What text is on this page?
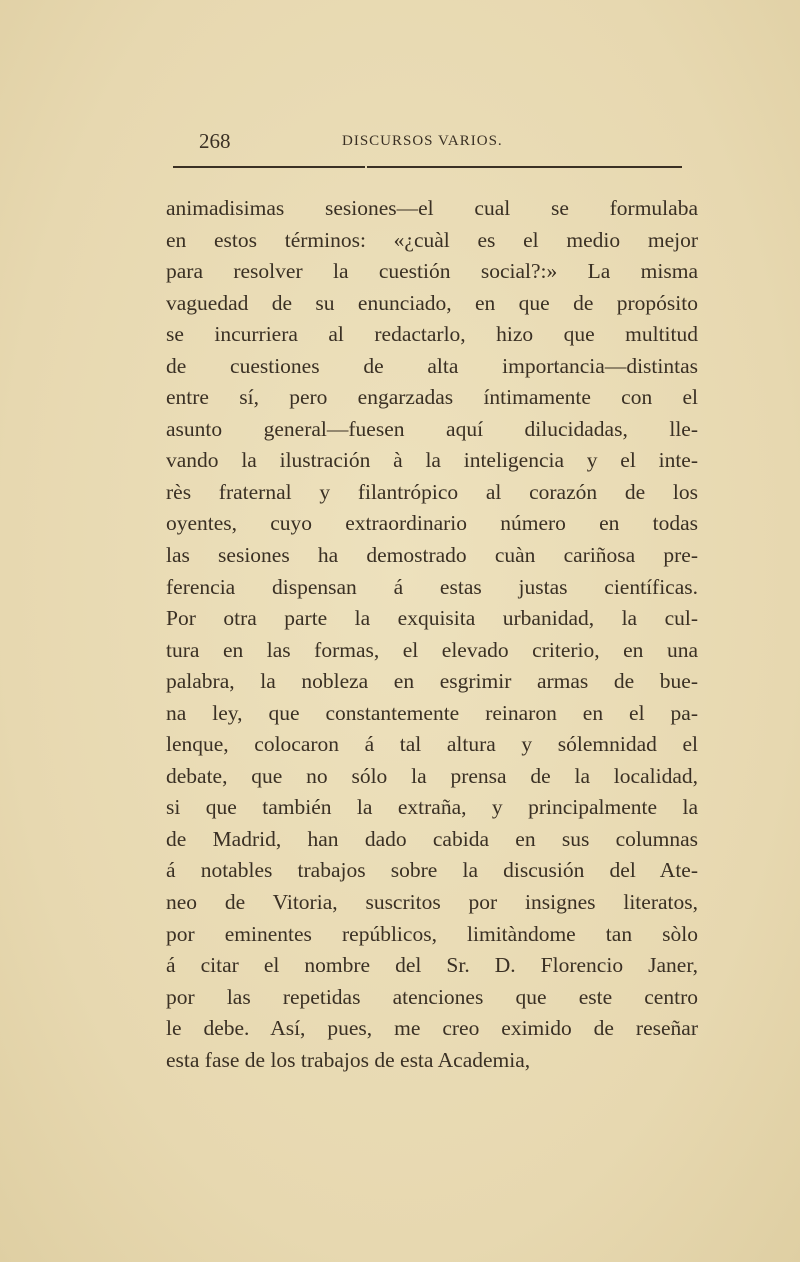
268	DISCURSOS VARIOS.
animadisimas sesiones—el cual se formulaba
en estos términos: «¿cuàl es el medio mejor
para resolver la cuestión social?:» La misma
vaguedad de su enunciado, en que de propósito
se incurriera al redactarlo, hizo que multitud
de cuestiones de alta importancia—distintas
entre sí, pero engarzadas íntimamente con el
asunto general—fuesen aquí dilucidadas, lle-
vando la ilustración à la inteligencia y el inte-
rès fraternal y filantrópico al corazón de los
oyentes, cuyo extraordinario número en todas
las sesiones ha demostrado cuàn cariñosa pre-
ferencia dispensan á estas justas científicas.
Por otra parte la exquisita urbanidad, la cul-
tura en las formas, el elevado criterio, en una
palabra, la nobleza en esgrimir armas de bue-
na ley, que constantemente reinaron en el pa-
lenque, colocaron á tal altura y sólemnidad el
debate, que no sólo la prensa de la localidad,
si que también la extraña, y principalmente la
de Madrid, han dado cabida en sus columnas
á notables trabajos sobre la discusión del Ate-
neo de Vitoria, suscritos por insignes literatos,
por eminentes repúblicos, limitàndome tan sòlo
á citar el nombre del Sr. D. Florencio Janer,
por las repetidas atenciones que este centro
le debe. Así, pues, me creo eximido de reseñar
esta fase de los trabajos de esta Academia,
